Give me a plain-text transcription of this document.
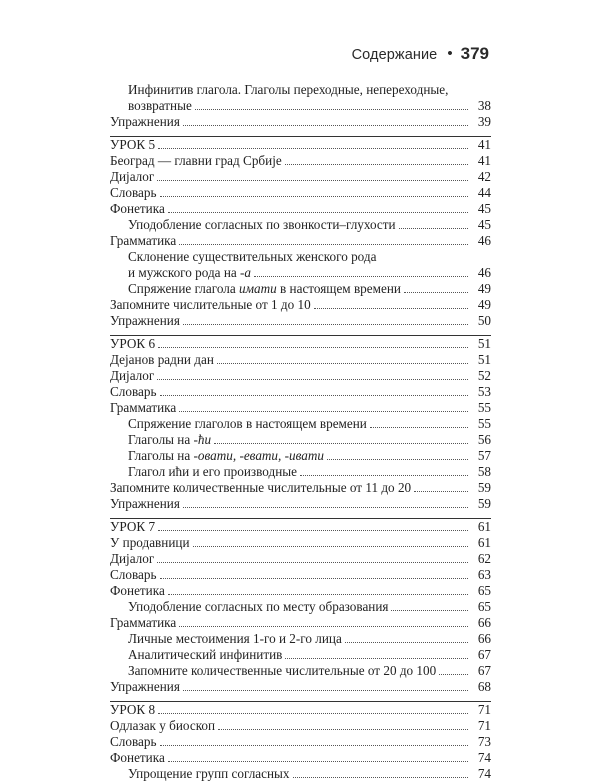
Содержание • 379
Инфинитив глагола. Глаголы переходные, непереходные,
возвратные	38
Упражнения	39
УРОК 5	41
Београд — главни град Србије	41
Дијалог	42
Словарь	44
Фонетика	45
Уподобление согласных по звонкости–глухости	45
Грамматика	46
Склонение существительных женского рода
и мужского рода на -а	46
Спряжение глагола имати в настоящем времени	49
Запомните числительные от 1 до 10	49
Упражнения	50
УРОК 6	51
Дејанов радни дан	51
Дијалог	52
Словарь	53
Грамматика	55
Спряжение глаголов в настоящем времени	55
Глаголы на -ћи	56
Глаголы на -овати, -евати, -ивати	57
Глагол ићи и его производные	58
Запомните количественные числительные от 11 до 20	59
Упражнения	59
УРОК 7	61
У продавници	61
Дијалог	62
Словарь	63
Фонетика	65
Уподобление согласных по месту образования	65
Грамматика	66
Личные местоимения 1-го и 2-го лица	66
Аналитический инфинитив	67
Запомните количественные числительные от 20 до 100	67
Упражнения	68
УРОК 8	71
Одлазак у биоскоп	71
Словарь	73
Фонетика	74
Упрощение групп согласных	74
